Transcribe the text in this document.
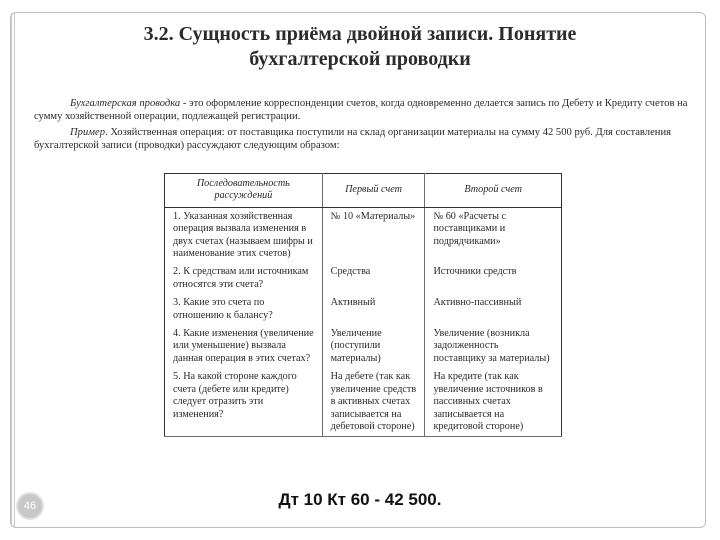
3.2. Сущность приёма двойной записи. Понятие
бухгалтерской проводки
Бухгалтерская проводка - это оформление корреспонденции счетов, когда одновременно делается запись по Дебету и Кредиту счетов на сумму хозяйственной операции, подлежащей регистрации.
Пример. Хозяйственная операция: от поставщика поступили на склад организации материалы на сумму 42 500 руб. Для составления бухгалтерской записи (проводки) рассуждают следующим образом:
Последовательность рассуждений	Первый счет	Второй счет
1. Указанная хозяйственная операция вызвала изменения в двух счетах (называем шифры и наименование этих счетов)	№ 10 «Материалы»	№ 60 «Расчеты с поставщиками и подрядчиками»
2. К средствам или источникам относятся эти счета?	Средства	Источники средств
3. Какие это счета по отношению к балансу?	Активный	Активно-пассивный
4. Какие изменения (увеличение или уменьшение) вызвала данная операция в этих счетах?	Увеличение (поступили материалы)	Увеличение (возникла задолженность поставщику за материалы)
5. На какой стороне каждого счета (дебете или кредите) следует отразить эти изменения?	На дебете (так как увеличение средств в активных счетах записывается на дебетовой стороне)	На кредите (так как увеличение источников в пассивных счетах записывается на кредитовой стороне)
46	Дт 10 Кт 60 - 42 500.
